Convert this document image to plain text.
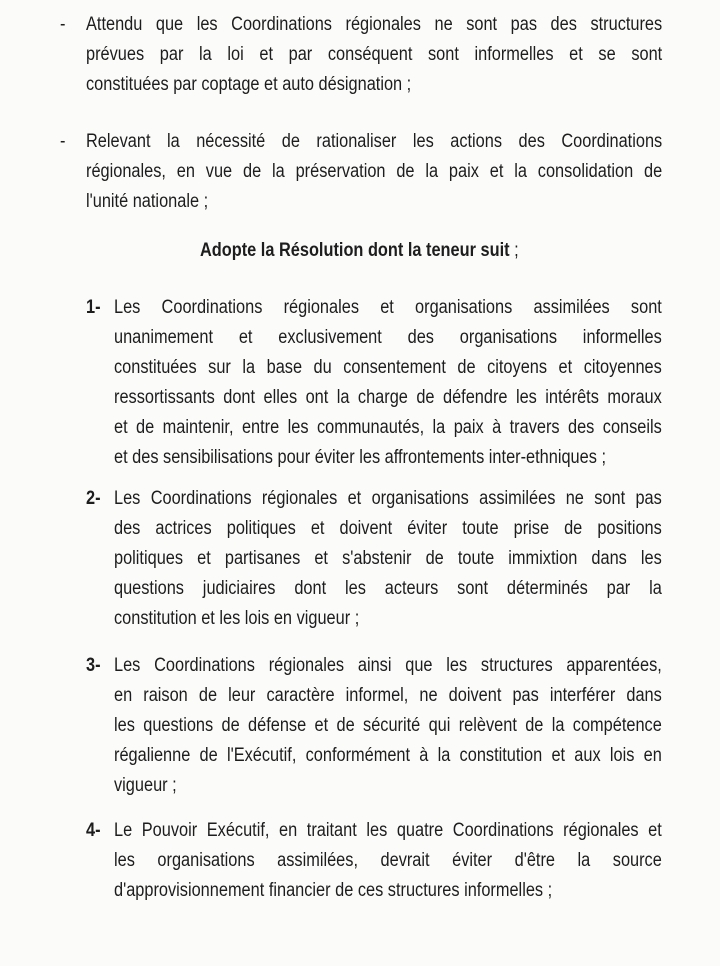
- Attendu que les Coordinations régionales ne sont pas des structures
prévues par la loi et par conséquent sont informelles et se sont
constituées par coptage et auto désignation ;
- Relevant la nécessité de rationaliser les actions des Coordinations
régionales, en vue de la préservation de la paix et la consolidation de
l'unité nationale ;
Adopte la Résolution dont la teneur suit ;
1- Les Coordinations régionales et organisations assimilées sont
unanimement et exclusivement des organisations informelles
constituées sur la base du consentement de citoyens et citoyennes
ressortissants dont elles ont la charge de défendre les intérêts moraux
et de maintenir, entre les communautés, la paix à travers des conseils
et des sensibilisations pour éviter les affrontements inter-ethniques ;
2- Les Coordinations régionales et organisations assimilées ne sont pas
des actrices politiques et doivent éviter toute prise de positions
politiques et partisanes et s'abstenir de toute immixtion dans les
questions judiciaires dont les acteurs sont déterminés par la
constitution et les lois en vigueur ;
3- Les Coordinations régionales ainsi que les structures apparentées,
en raison de leur caractère informel, ne doivent pas interférer dans
les questions de défense et de sécurité qui relèvent de la compétence
régalienne de l'Exécutif, conformément à la constitution et aux lois en
vigueur ;
4- Le Pouvoir Exécutif, en traitant les quatre Coordinations régionales et
les organisations assimilées, devrait éviter d'être la source
d'approvisionnement financier de ces structures informelles ;
